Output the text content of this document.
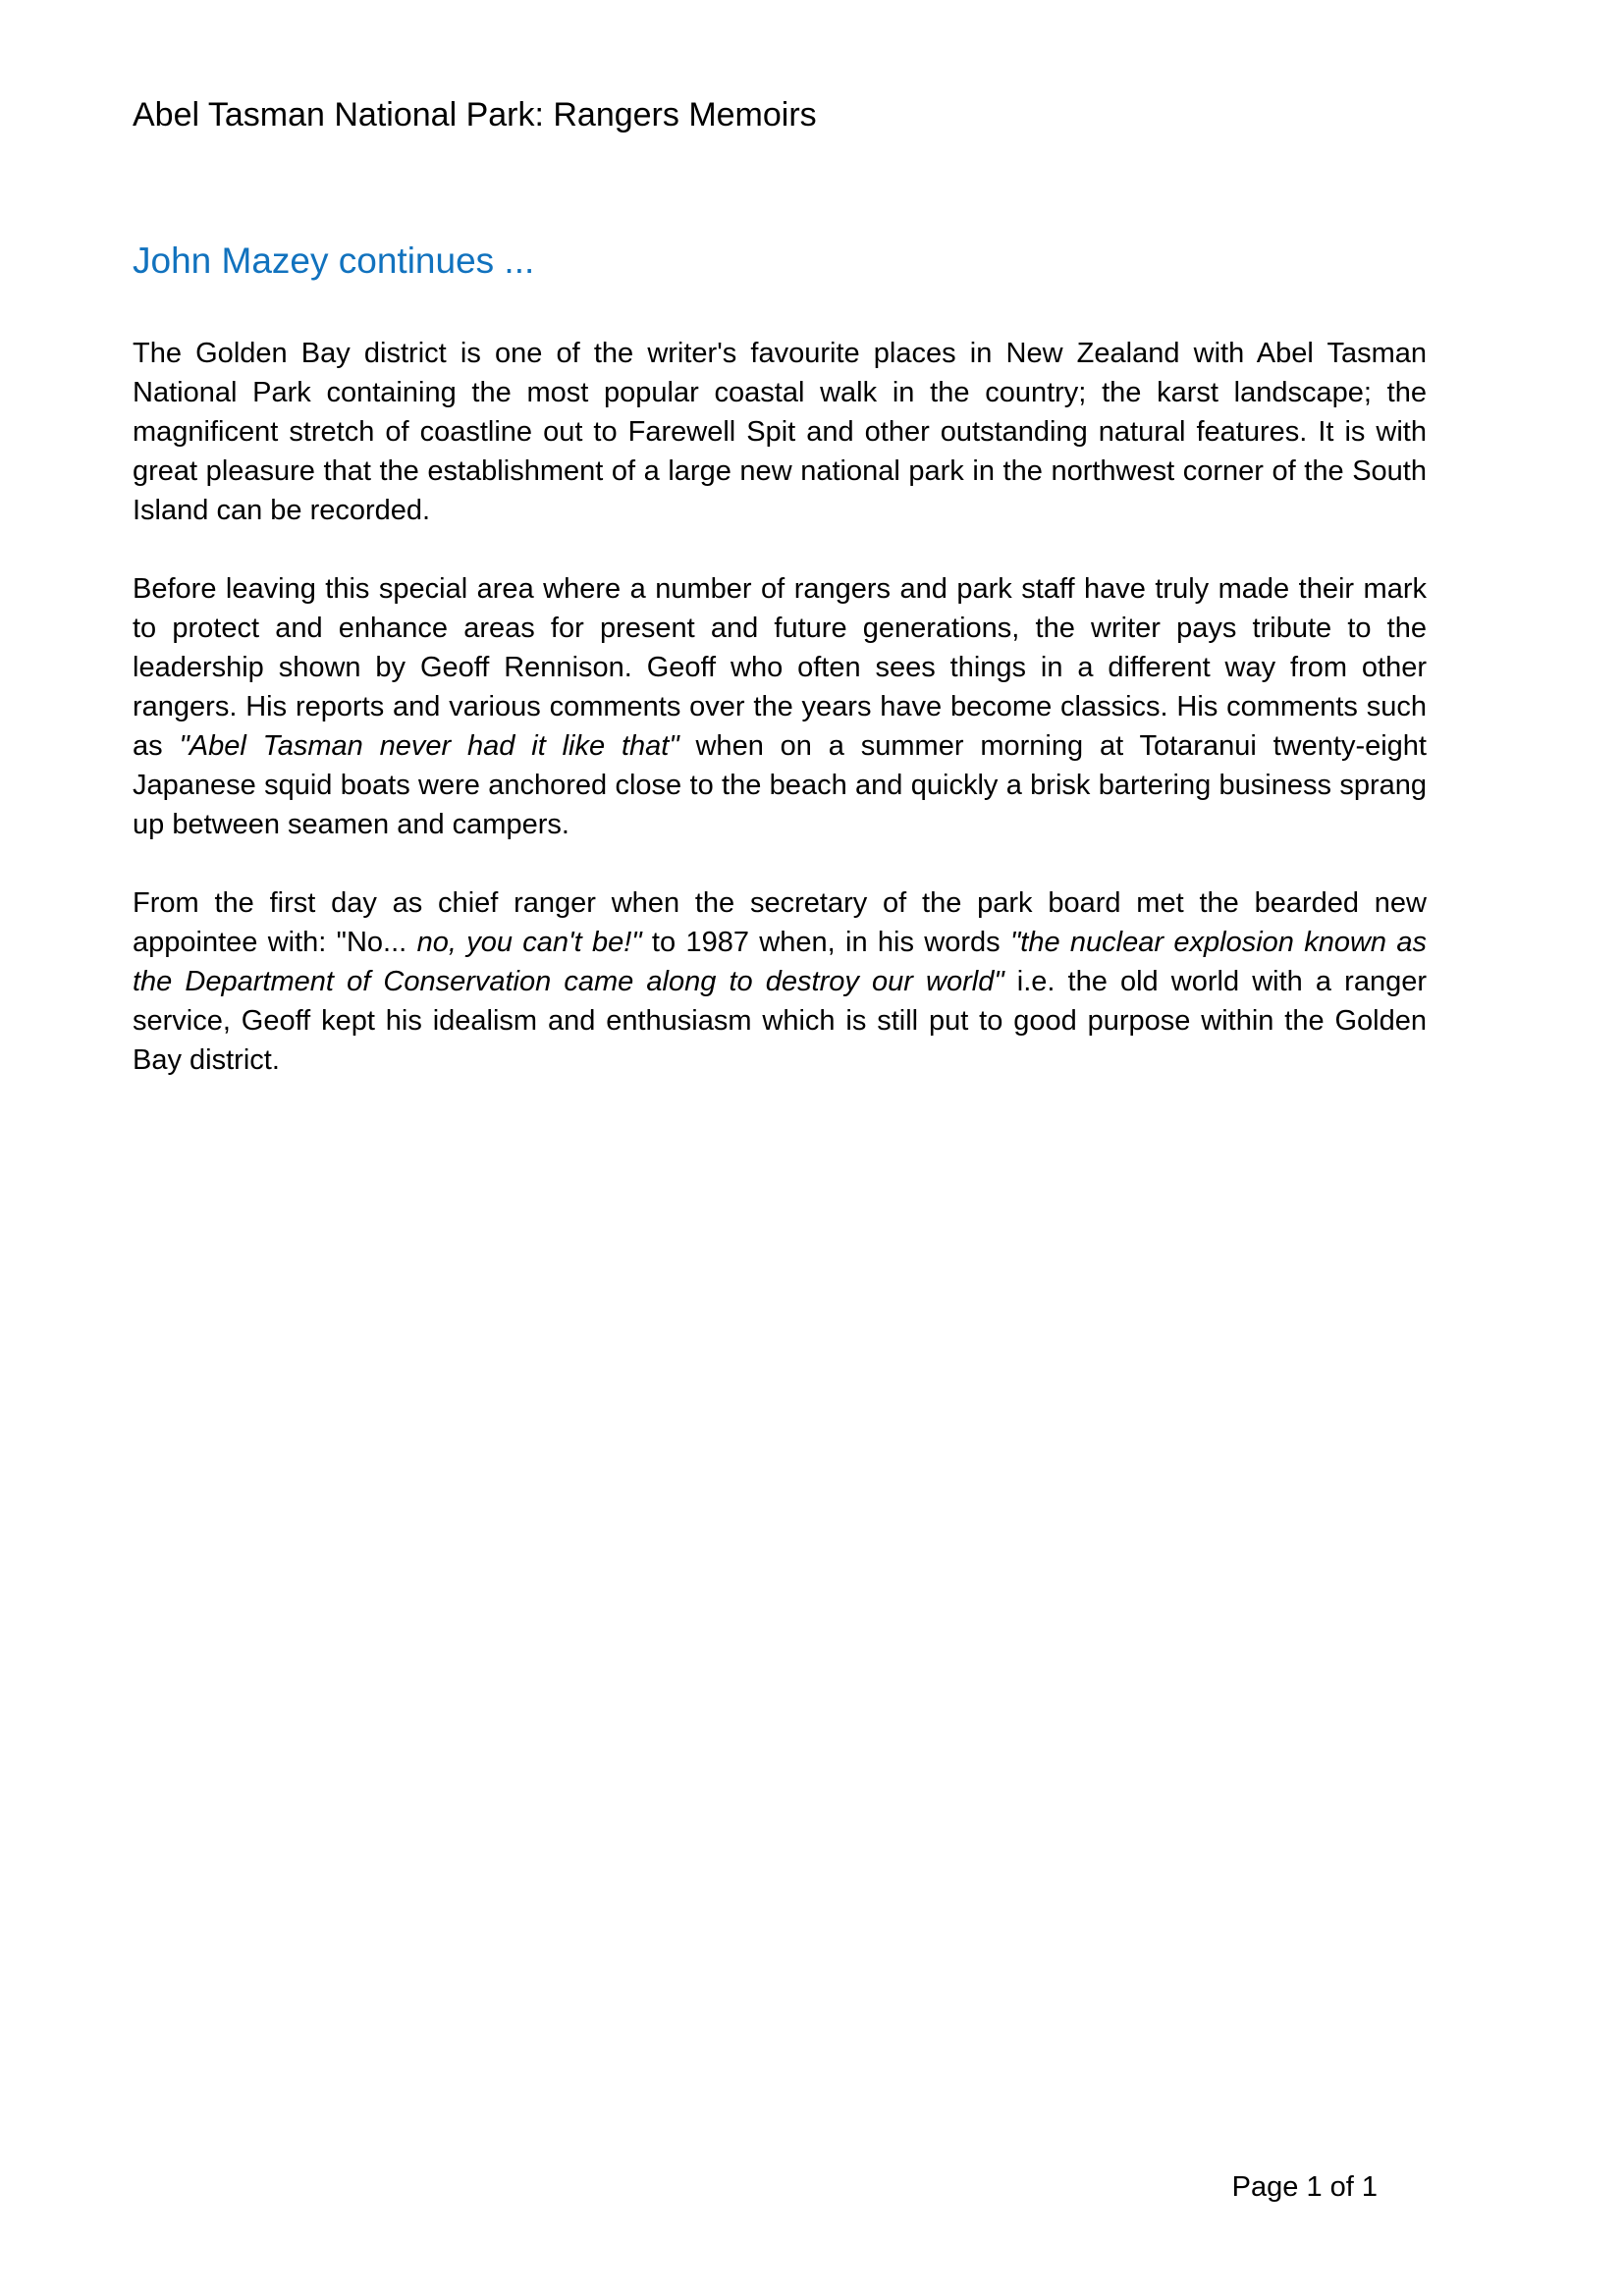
Abel Tasman National Park: Rangers Memoirs
John Mazey continues ...

The Golden Bay district is one of the writer's favourite places in New Zealand with Abel Tasman National Park containing the most popular coastal walk in the country; the karst landscape; the magnificent stretch of coastline out to Farewell Spit and other outstanding natural features. It is with great pleasure that the establishment of a large new national park in the northwest corner of the South Island can be recorded.

Before leaving this special area where a number of rangers and park staff have truly made their mark to protect and enhance areas for present and future generations, the writer pays tribute to the leadership shown by Geoff Rennison. Geoff who often sees things in a different way from other rangers. His reports and various comments over the years have become classics. His comments such as "Abel Tasman never had it like that" when on a summer morning at Totaranui twenty-eight Japanese squid boats were anchored close to the beach and quickly a brisk bartering business sprang up between seamen and campers.

From the first day as chief ranger when the secretary of the park board met the bearded new appointee with: "No... no, you can't be!" to 1987 when, in his words "the nuclear explosion known as the Department of Conservation came along to destroy our world" i.e. the old world with a ranger service, Geoff kept his idealism and enthusiasm which is still put to good purpose within the Golden Bay district.

Page 1 of 1
